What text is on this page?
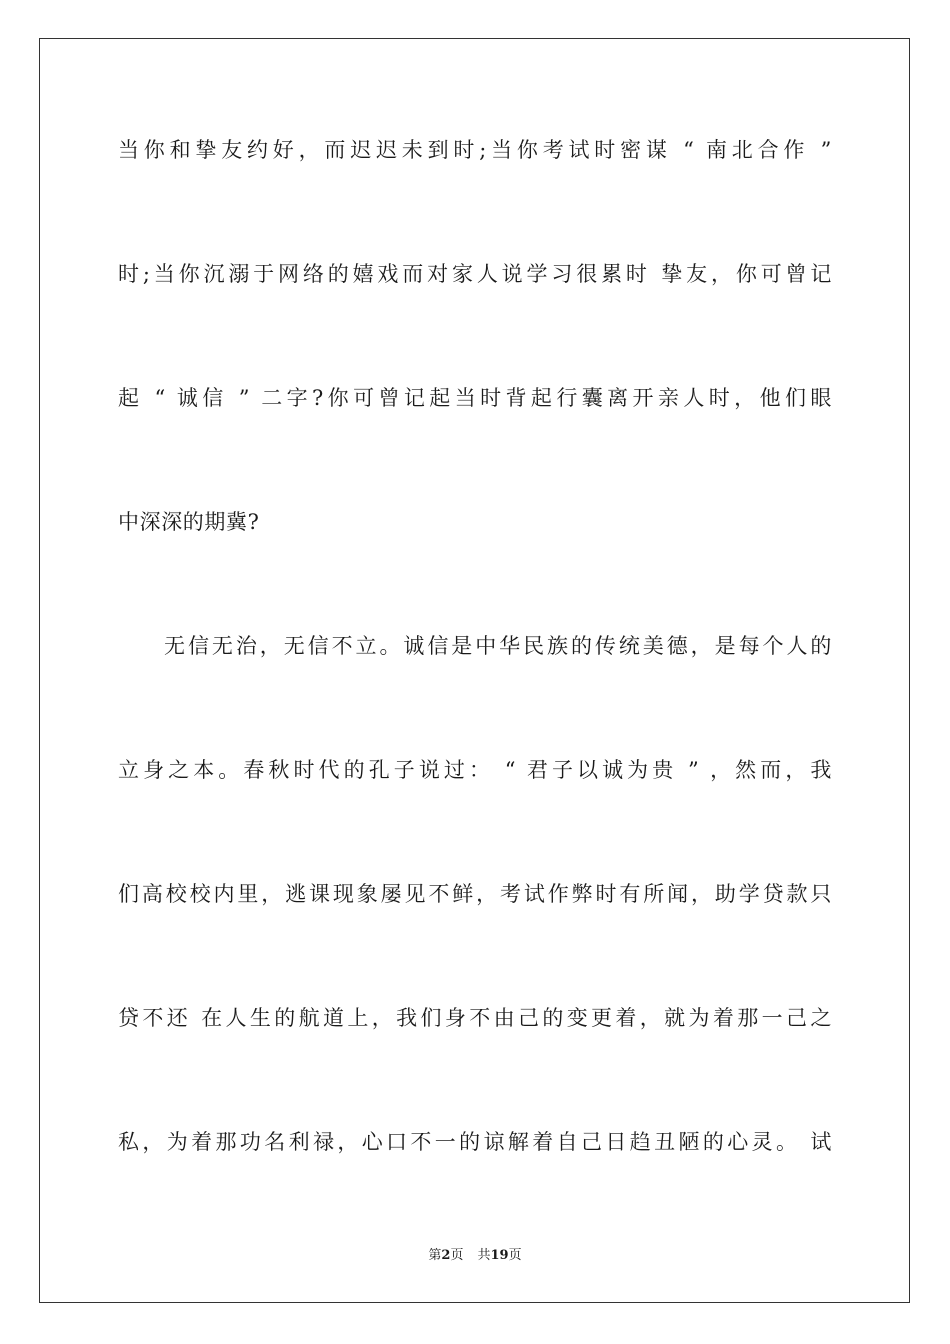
当你和挚友约好，而迟迟未到时;当你考试时密谋 “ 南北合作 ”
时;当你沉溺于网络的嬉戏而对家人说学习很累时 挚友，你可曾记
起 “ 诚信 ” 二字?你可曾记起当时背起行囊离开亲人时，他们眼
中深深的期冀?
无信无治，无信不立。诚信是中华民族的传统美德，是每个人的
立身之本。春秋时代的孔子说过： “ 君子以诚为贵 ” ，然而，我
们高校校内里，逃课现象屡见不鲜，考试作弊时有所闻，助学贷款只
贷不还 在人生的航道上，我们身不由己的变更着，就为着那一己之
私，为着那功名利禄，心口不一的谅解着自己日趋丑陋的心灵。 试
第2页 共19页
